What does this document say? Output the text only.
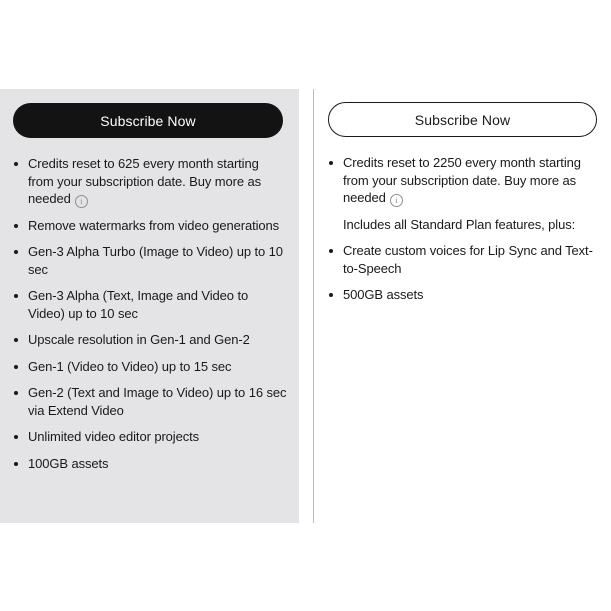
Subscribe Now
Credits reset to 625 every month starting from your subscription date. Buy more as needed i
Remove watermarks from video generations
Gen-3 Alpha Turbo (Image to Video) up to 10 sec
Gen-3 Alpha (Text, Image and Video to Video) up to 10 sec
Upscale resolution in Gen-1 and Gen-2
Gen-1 (Video to Video) up to 15 sec
Gen-2 (Text and Image to Video) up to 16 sec via Extend Video
Unlimited video editor projects
100GB assets
Subscribe Now
Credits reset to 2250 every month starting from your subscription date. Buy more as needed i
Includes all Standard Plan features, plus:
Create custom voices for Lip Sync and Text-to-Speech
500GB assets
